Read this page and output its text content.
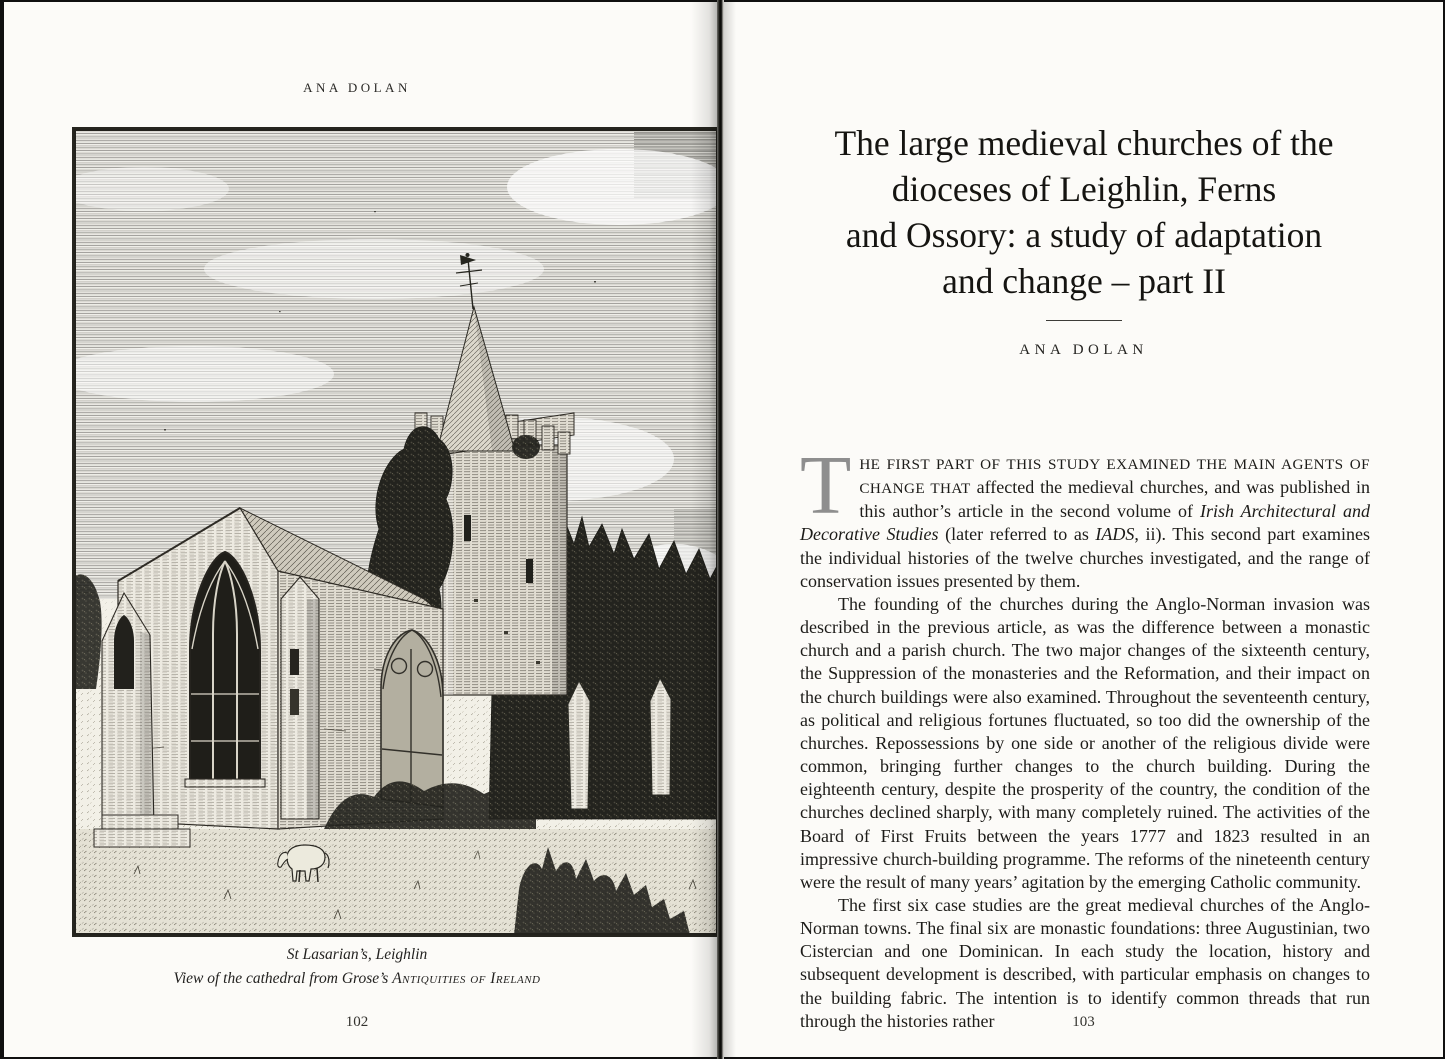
ANA DOLAN
St Lasarian’s, Leighlin
View of the cathedral from Grose’s Antiquities of Ireland
102
The large medieval churches of the
dioceses of Leighlin, Ferns
and Ossory: a study of adaptation
and change – part II
ANA DOLAN

THE FIRST PART OF THIS STUDY EXAMINED THE MAIN AGENTS OF CHANGE THAT affected the medieval churches, and was published in this author’s article in the second volume of Irish Architectural and Decorative Studies (later referred to as IADS, ii). This second part examines the individual histories of the twelve churches investigated, and the range of conservation issues presented by them.

The founding of the churches during the Anglo-Norman invasion was described in the previous article, as was the difference between a monastic church and a parish church. The two major changes of the sixteenth century, the Suppression of the monasteries and the Reformation, and their impact on the church buildings were also examined. Throughout the seventeenth century, as political and religious fortunes fluctuated, so too did the ownership of the churches. Repossessions by one side or another of the religious divide were common, bringing further changes to the church building. During the eighteenth century, despite the prosperity of the country, the condition of the churches declined sharply, with many completely ruined. The activities of the Board of First Fruits between the years 1777 and 1823 resulted in an impressive church-building programme. The reforms of the nineteenth century were the result of many years’ agitation by the emerging Catholic community.

The first six case studies are the great medieval churches of the Anglo-Norman towns. The final six are monastic foundations: three Augustinian, two Cistercian and one Dominican. In each study the location, history and subsequent development is described, with particular emphasis on changes to the building fabric. The intention is to identify common threads that run through the histories rather	103
